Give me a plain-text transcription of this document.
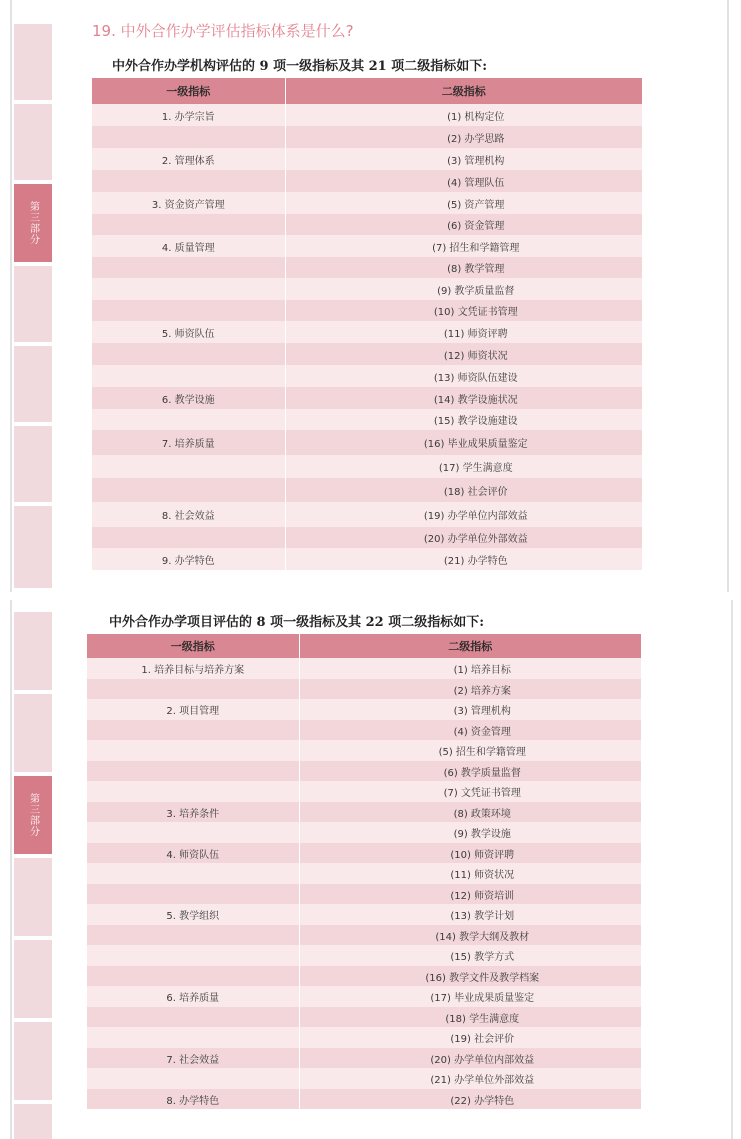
第三部分
19. 中外合作办学评估指标体系是什么?
中外合作办学机构评估的 9 项一级指标及其 21 项二级指标如下:
一级指标	二级指标
1. 办学宗旨	(1) 机构定位
	(2) 办学思路
2. 管理体系	(3) 管理机构
	(4) 管理队伍
3. 资金资产管理	(5) 资产管理
	(6) 资金管理
4. 质量管理	(7) 招生和学籍管理
	(8) 教学管理
	(9) 教学质量监督
	(10) 文凭证书管理
5. 师资队伍	(11) 师资评聘
	(12) 师资状况
	(13) 师资队伍建设
6. 教学设施	(14) 教学设施状况
	(15) 教学设施建设
7. 培养质量	(16) 毕业成果质量鉴定
	(17) 学生满意度
	(18) 社会评价
8. 社会效益	(19) 办学单位内部效益
	(20) 办学单位外部效益
9. 办学特色	(21) 办学特色
第三部分
中外合作办学项目评估的 8 项一级指标及其 22 项二级指标如下:
一级指标	二级指标
1. 培养目标与培养方案	(1) 培养目标
	(2) 培养方案
2. 项目管理	(3) 管理机构
	(4) 资金管理
	(5) 招生和学籍管理
	(6) 教学质量监督
	(7) 文凭证书管理
3. 培养条件	(8) 政策环境
	(9) 教学设施
4. 师资队伍	(10) 师资评聘
	(11) 师资状况
	(12) 师资培训
5. 教学组织	(13) 教学计划
	(14) 教学大纲及教材
	(15) 教学方式
	(16) 教学文件及教学档案
6. 培养质量	(17) 毕业成果质量鉴定
	(18) 学生满意度
	(19) 社会评价
7. 社会效益	(20) 办学单位内部效益
	(21) 办学单位外部效益
8. 办学特色	(22) 办学特色
